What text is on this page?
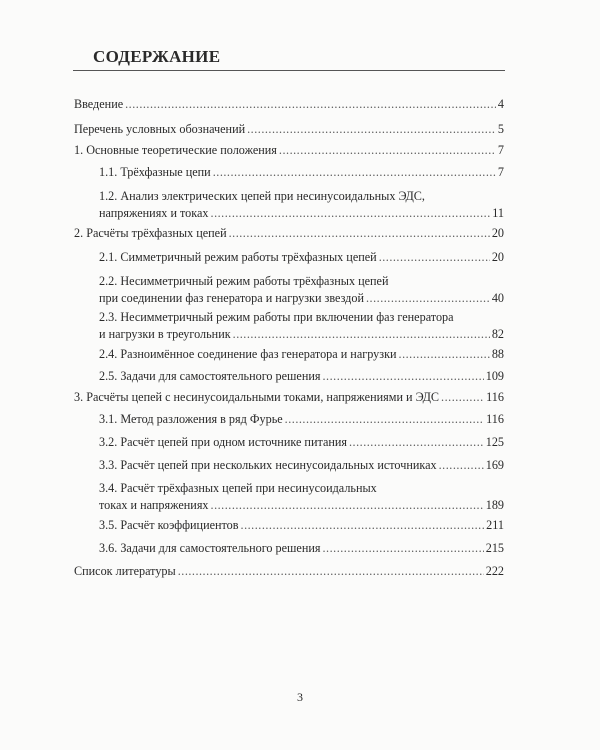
СОДЕРЖАНИЕ
Введение .....	4
Перечень условных обозначений .....	5
1. Основные теоретические положения .....	7
1.1. Трёхфазные цепи .....	7
1.2. Анализ электрических цепей при несинусоидальных ЭДС,
напряжениях и токах .....	11
2. Расчёты трёхфазных цепей .....	20
2.1. Симметричный режим работы трёхфазных цепей .....	20
2.2. Несимметричный режим работы трёхфазных цепей
при соединении фаз генератора и нагрузки звездой .....	40
2.3. Несимметричный режим работы при включении фаз генератора
и нагрузки в треугольник .....	82
2.4. Разноимённое соединение фаз генератора и нагрузки .....	88
2.5. Задачи для самостоятельного решения .....	109
3. Расчёты цепей с несинусоидальными токами, напряжениями и ЭДС .....	116
3.1. Метод разложения в ряд Фурье .....	116
3.2. Расчёт цепей при одном источнике питания .....	125
3.3. Расчёт цепей при нескольких несинусоидальных источниках .....	169
3.4. Расчёт трёхфазных цепей при несинусоидальных
токах и напряжениях .....	189
3.5. Расчёт коэффициентов .....	211
3.6. Задачи для самостоятельного решения .....	215
Список литературы .....	222
3
